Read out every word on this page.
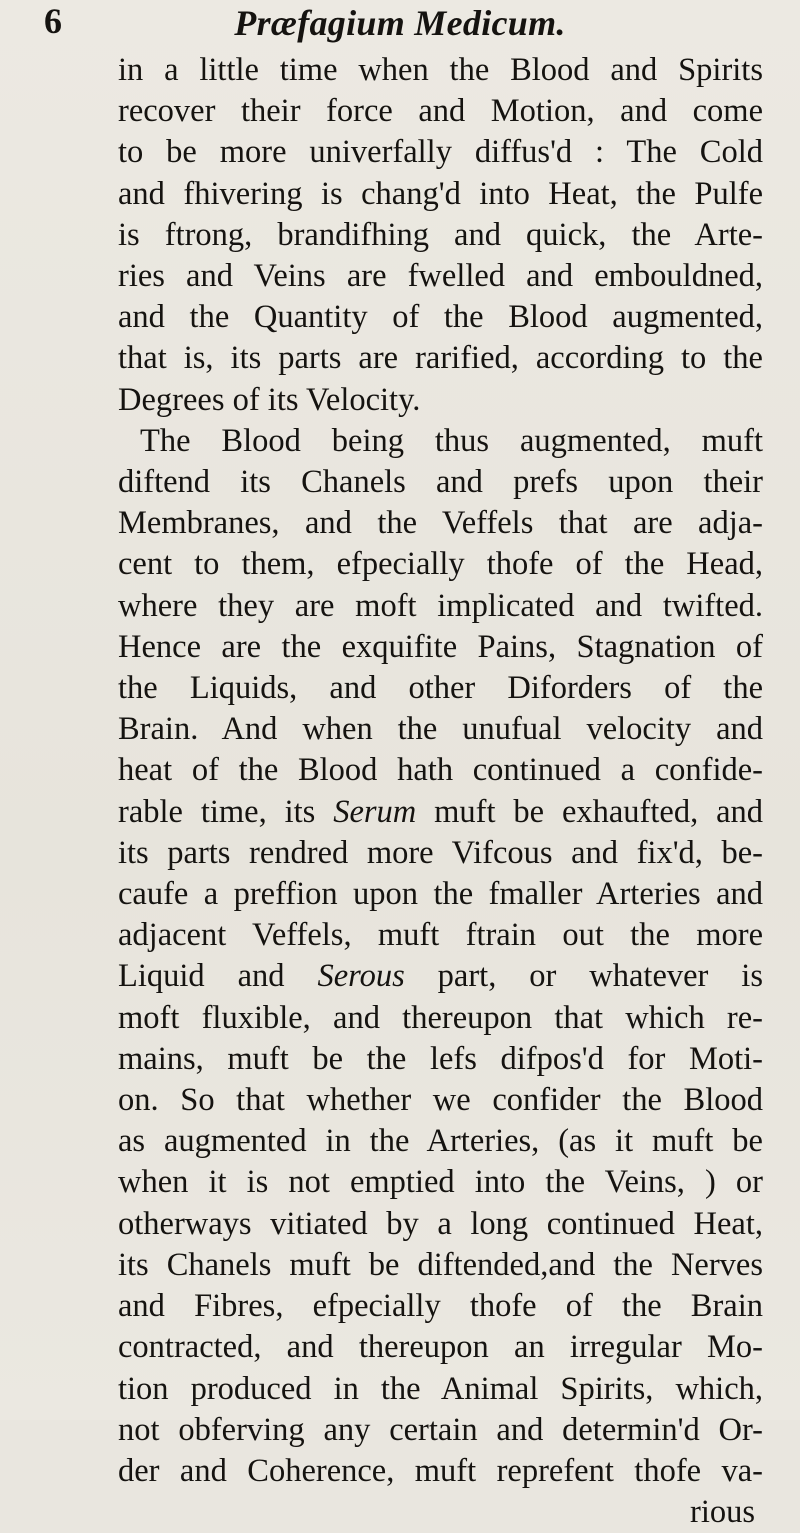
6	Præfagium Medicum.
in a little time when the Blood and Spirits
recover their force and Motion, and come
to be more univerfally diffus'd : The Cold
and fhivering is chang'd into Heat, the Pulfe
is ftrong, brandifhing and quick, the Arte-
ries and Veins are fwelled and embouldned,
and the Quantity of the Blood augmented,
that is, its parts are rarified, according to the
Degrees of its Velocity.
The Blood being thus augmented, muft
diftend its Chanels and prefs upon their
Membranes, and the Veffels that are adja-
cent to them, efpecially thofe of the Head,
where they are moft implicated and twifted.
Hence are the exquifite Pains, Stagnation of
the Liquids, and other Diforders of the
Brain. And when the unufual velocity and
heat of the Blood hath continued a confide-
rable time, its Serum muft be exhaufted, and
its parts rendred more Vifcous and fix'd, be-
caufe a preffion upon the fmaller Arteries and
adjacent Veffels, muft ftrain out the more
Liquid and Serous part, or whatever is
moft fluxible, and thereupon that which re-
mains, muft be the lefs difpos'd for Moti-
on. So that whether we confider the Blood
as augmented in the Arteries, (as it muft be
when it is not emptied into the Veins, ) or
otherways vitiated by a long continued Heat,
its Chanels muft be diftended,and the Nerves
and Fibres, efpecially thofe of the Brain
contracted, and thereupon an irregular Mo-
tion produced in the Animal Spirits, which,
not obferving any certain and determin'd Or-
der and Coherence, muft reprefent thofe va-
rious
